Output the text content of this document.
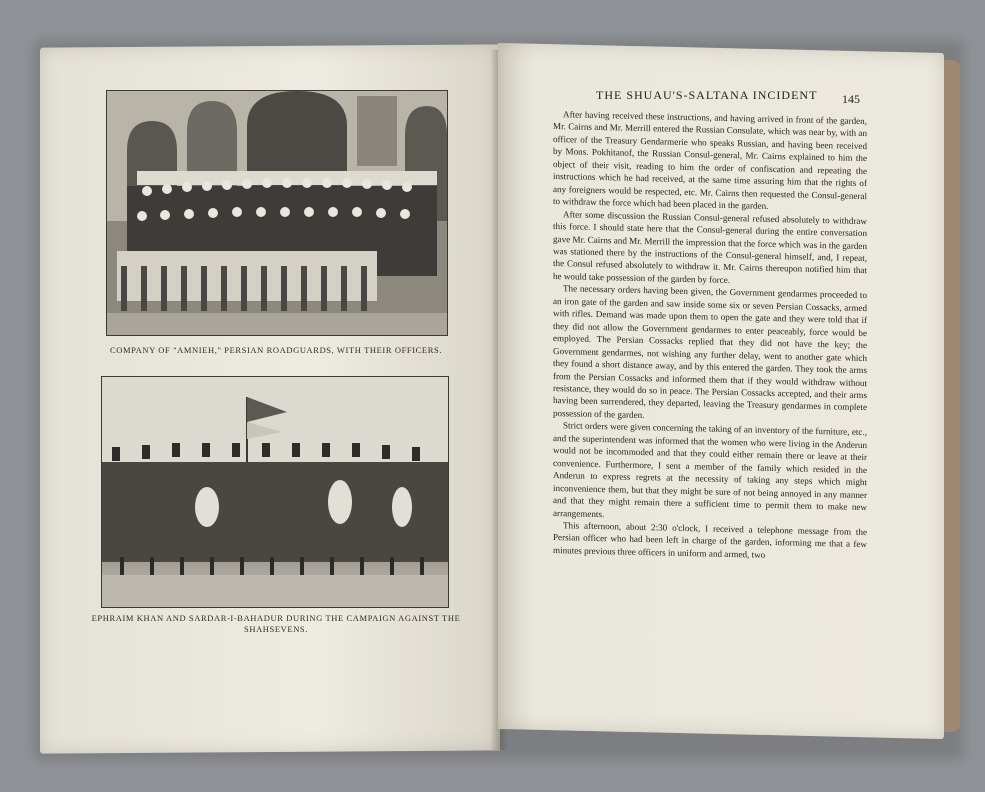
COMPANY OF "AMNIEH," PERSIAN ROADGUARDS, WITH THEIR OFFICERS.
EPHRAIM KHAN AND SARDAR-I-BAHADUR DURING THE CAMPAIGN AGAINST THE SHAHSEVENS.
THE SHUAU'S-SALTANA INCIDENT 145

After having received these instructions, and having arrived in front of the garden, Mr. Cairns and Mr. Merrill entered the Russian Consulate, which was near by, with an officer of the Treasury Gendarmerie who speaks Russian, and having been received by Mons. Pokhitanof, the Russian Consul-general, Mr. Cairns explained to him the object of their visit, reading to him the order of confiscation and repeating the instructions which he had received, at the same time assuring him that the rights of any foreigners would be respected, etc. Mr. Cairns then requested the Consul-general to withdraw the force which had been placed in the garden.

After some discussion the Russian Consul-general refused absolutely to withdraw this force. I should state here that the Consul-general during the entire conversation gave Mr. Cairns and Mr. Merrill the impression that the force which was in the garden was stationed there by the instructions of the Consul-general himself, and, I repeat, the Consul refused absolutely to withdraw it. Mr. Cairns thereupon notified him that he would take possession of the garden by force.

The necessary orders having been given, the Government gendarmes proceeded to an iron gate of the garden and saw inside some six or seven Persian Cossacks, armed with rifles. Demand was made upon them to open the gate and they were told that if they did not allow the Government gendarmes to enter peaceably, force would be employed. The Persian Cossacks replied that they did not have the key; the Government gendarmes, not wishing any further delay, went to another gate which they found a short distance away, and by this entered the garden. They took the arms from the Persian Cossacks and informed them that if they would withdraw without resistance, they would do so in peace. The Persian Cossacks accepted, and their arms having been surrendered, they departed, leaving the Treasury gendarmes in complete possession of the garden.

Strict orders were given concerning the taking of an inventory of the furniture, etc., and the superintendent was informed that the women who were living in the Anderun would not be incommoded and that they could either remain there or leave at their convenience. Furthermore, I sent a member of the family which resided in the Anderun to express regrets at the necessity of taking any steps which might inconvenience them, but that they might be sure of not being annoyed in any manner and that they might remain there a sufficient time to permit them to make new arrangements.

This afternoon, about 2:30 o'clock, I received a telephone message from the Persian officer who had been left in charge of the garden, informing me that a few minutes previous three officers in uniform and armed, two
